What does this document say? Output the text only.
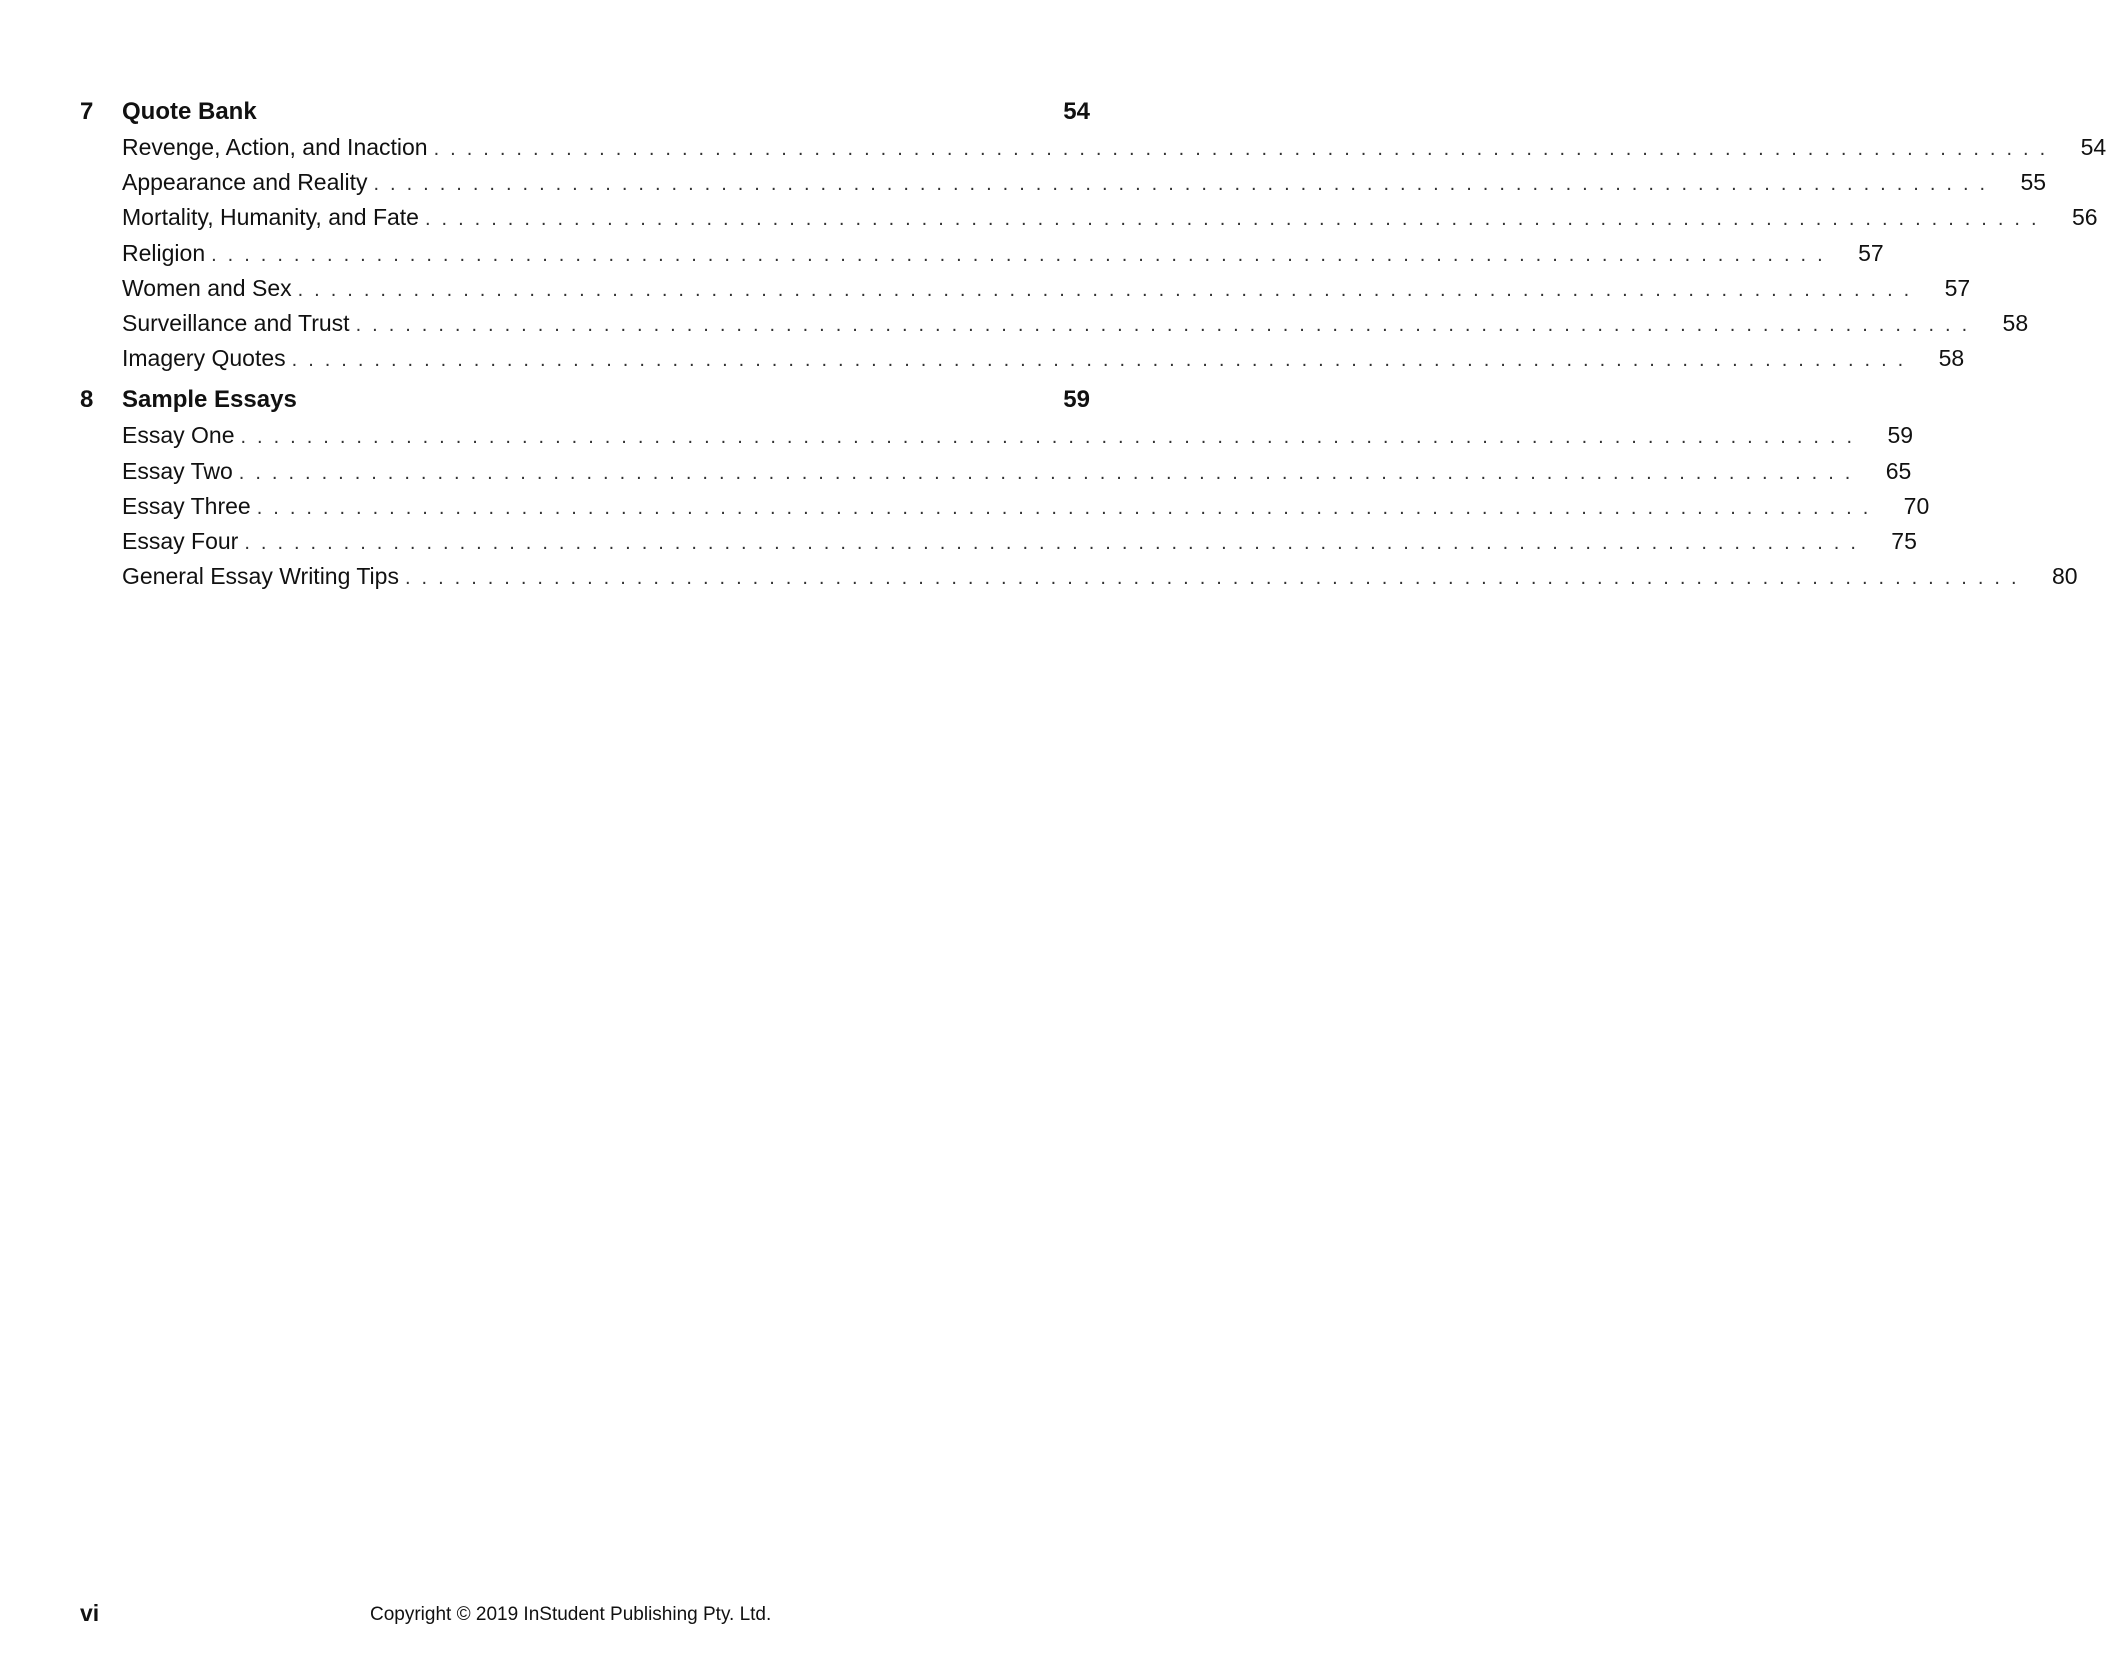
7	Quote Bank	54
Revenge, Action, and Inaction .................................................................................................. 54
Appearance and Reality .................................................................................................. 55
Mortality, Humanity, and Fate .................................................................................................. 56
Religion .................................................................................................. 57
Women and Sex .................................................................................................. 57
Surveillance and Trust .................................................................................................. 58
Imagery Quotes .................................................................................................. 58
8	Sample Essays	59
Essay One .................................................................................................. 59
Essay Two .................................................................................................. 65
Essay Three .................................................................................................. 70
Essay Four .................................................................................................. 75
General Essay Writing Tips .................................................................................................. 80
vi	Copyright © 2019 InStudent Publishing Pty. Ltd.
